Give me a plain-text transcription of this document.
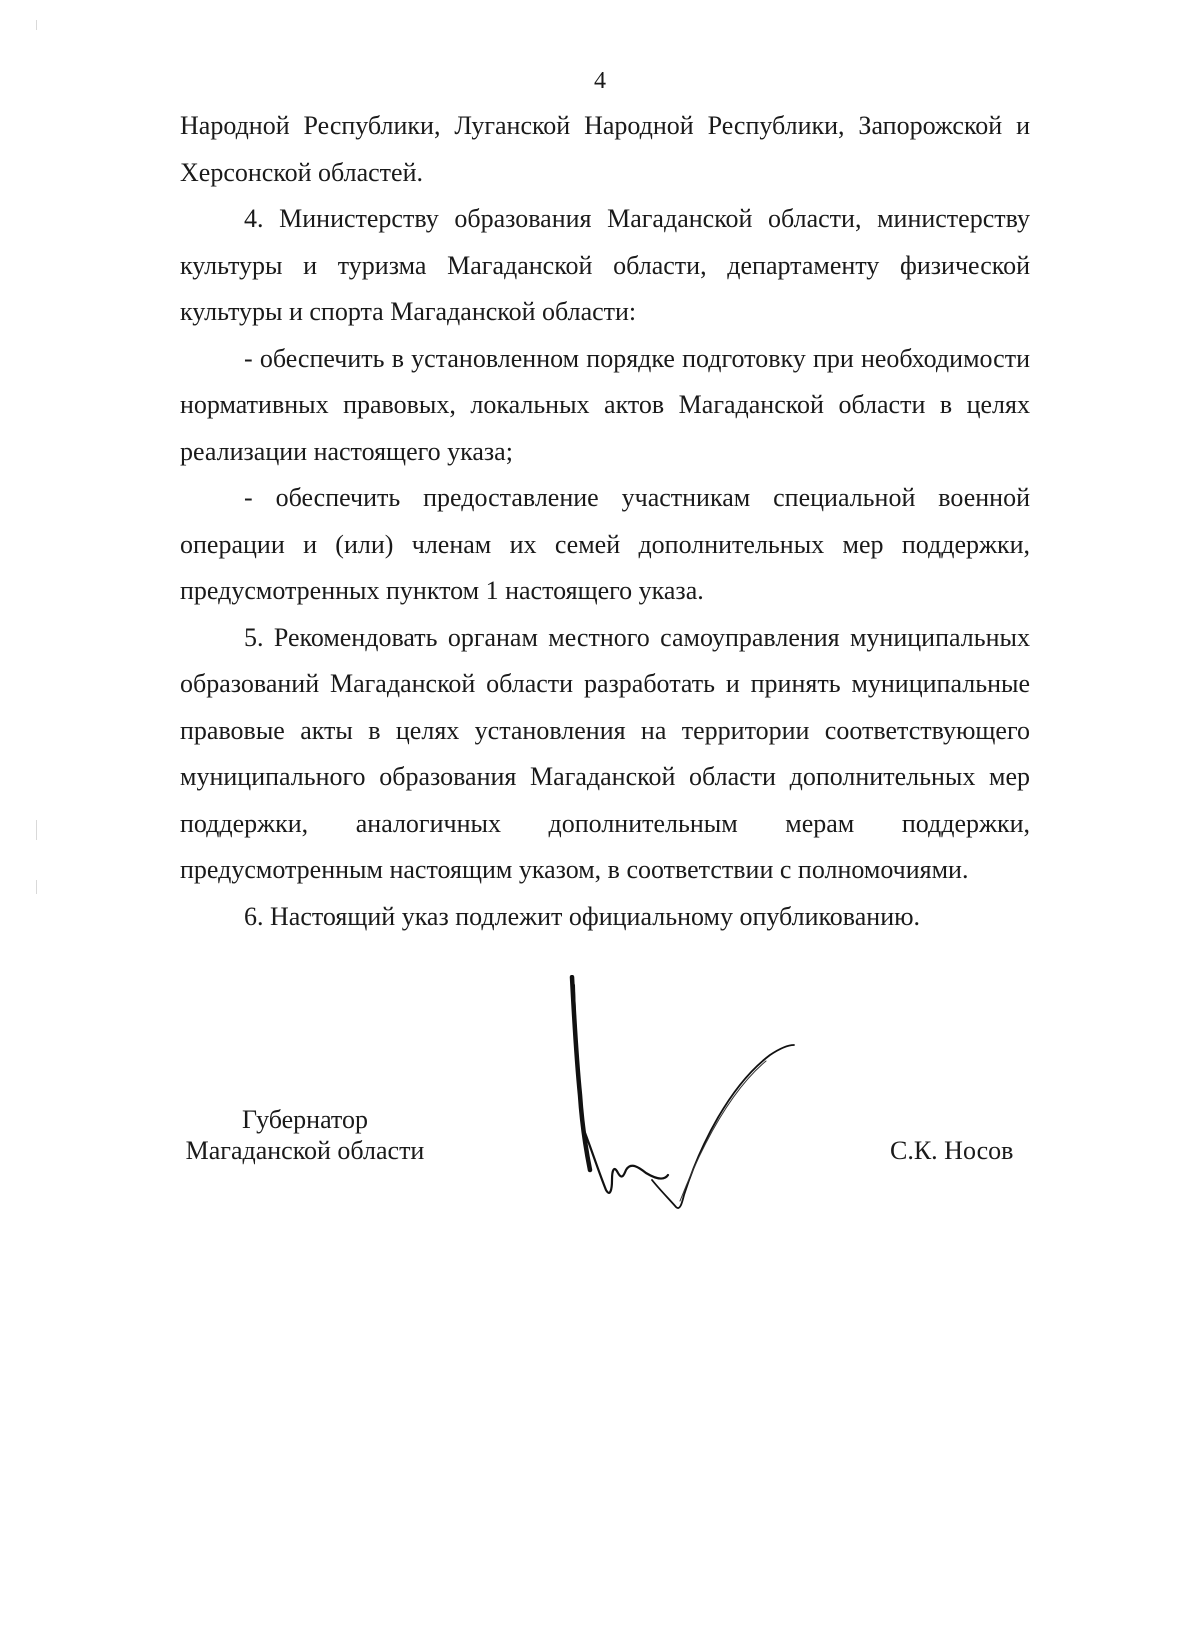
4

Народной Республики, Луганской Народной Республики, Запорожской и Херсонской областей.

4. Министерству образования Магаданской области, министерству культуры и туризма Магаданской области, департаменту физической культуры и спорта Магаданской области:

- обеспечить в установленном порядке подготовку при необходимости нормативных правовых, локальных актов Магаданской области в целях реализации настоящего указа;

- обеспечить предоставление участникам специальной военной операции и (или) членам их семей дополнительных мер поддержки, предусмотренных пунктом 1 настоящего указа.

5. Рекомендовать органам местного самоуправления муниципальных образований Магаданской области разработать и принять муниципальные правовые акты в целях установления на территории соответствующего муниципального образования Магаданской области дополнительных мер поддержки, аналогичных дополнительным мерам поддержки, предусмотренным настоящим указом, в соответствии с полномочиями.

6. Настоящий указ подлежит официальному опубликованию.

Губернатор
Магаданской области	С.К. Носов
